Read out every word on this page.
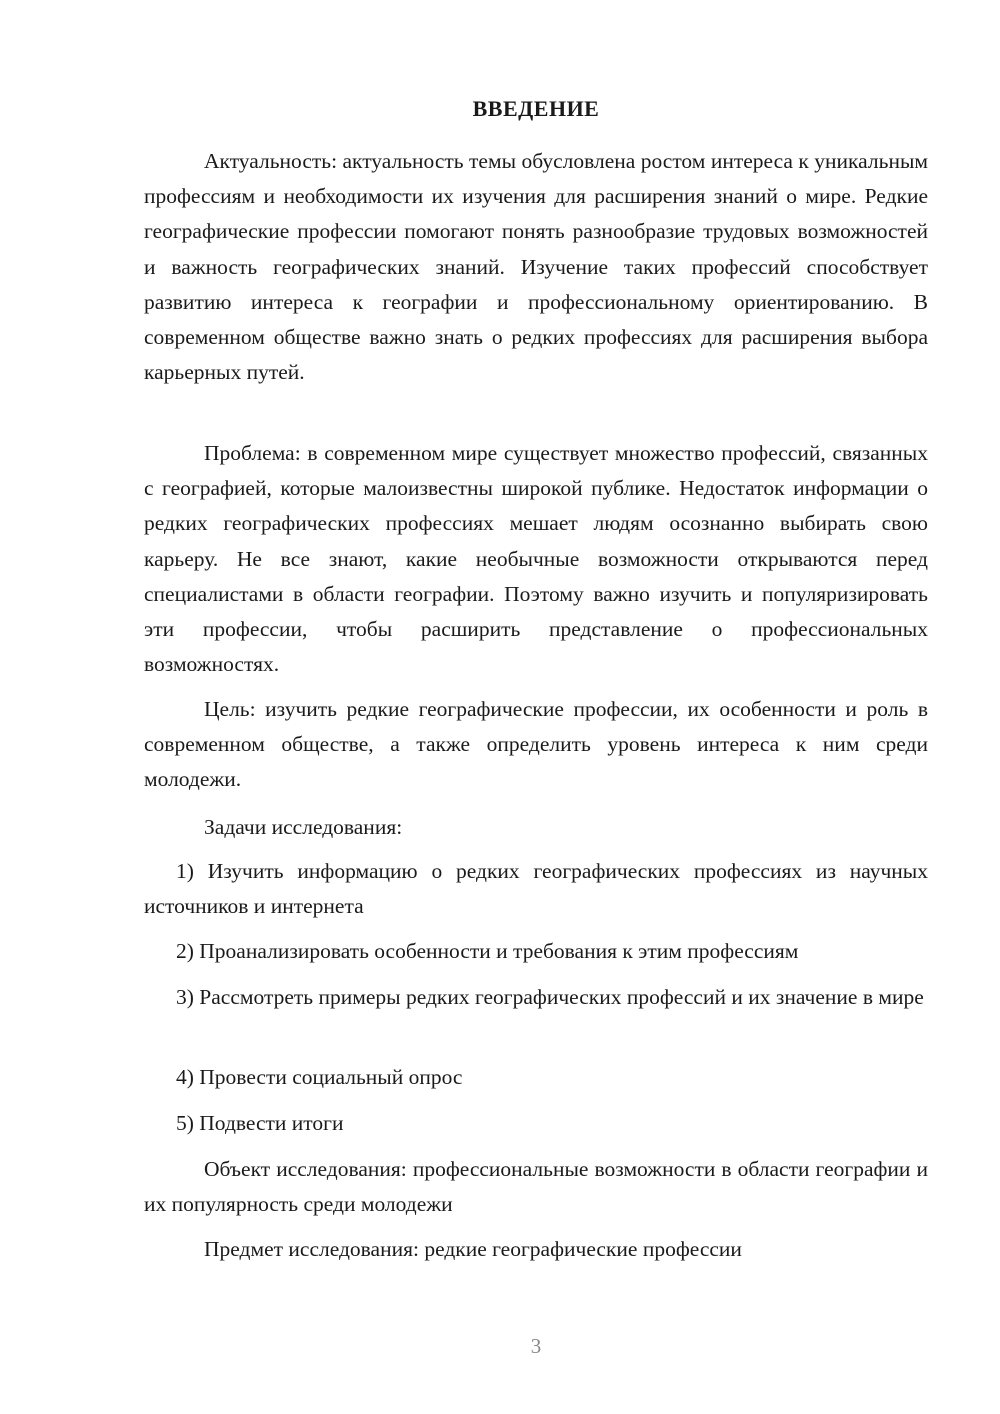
ВВЕДЕНИЕ

Актуальность: актуальность темы обусловлена ростом интереса к уникальным профессиям и необходимости их изучения для расширения знаний о мире. Редкие географические профессии помогают понять разнообразие трудовых возможностей и важность географических знаний. Изучение таких профессий способствует развитию интереса к географии и профессиональному ориентированию. В современном обществе важно знать о редких профессиях для расширения выбора карьерных путей.

Проблема: в современном мире существует множество профессий, связанных с географией, которые малоизвестны широкой публике. Недостаток информации о редких географических профессиях мешает людям осознанно выбирать свою карьеру. Не все знают, какие необычные возможности открываются перед специалистами в области географии. Поэтому важно изучить и популяризировать эти профессии, чтобы расширить представление о профессиональных возможностях.

Цель: изучить редкие географические профессии, их особенности и роль в современном обществе, а также определить уровень интереса к ним среди молодежи.

Задачи исследования:

1) Изучить информацию о редких географических профессиях из научных источников и интернета

2) Проанализировать особенности и требования к этим профессиям

3) Рассмотреть примеры редких географических профессий и их значение в мире

4) Провести социальный опрос

5) Подвести итоги

Объект исследования: профессиональные возможности в области географии и их популярность среди молодежи

Предмет исследования: редкие географические профессии

3
